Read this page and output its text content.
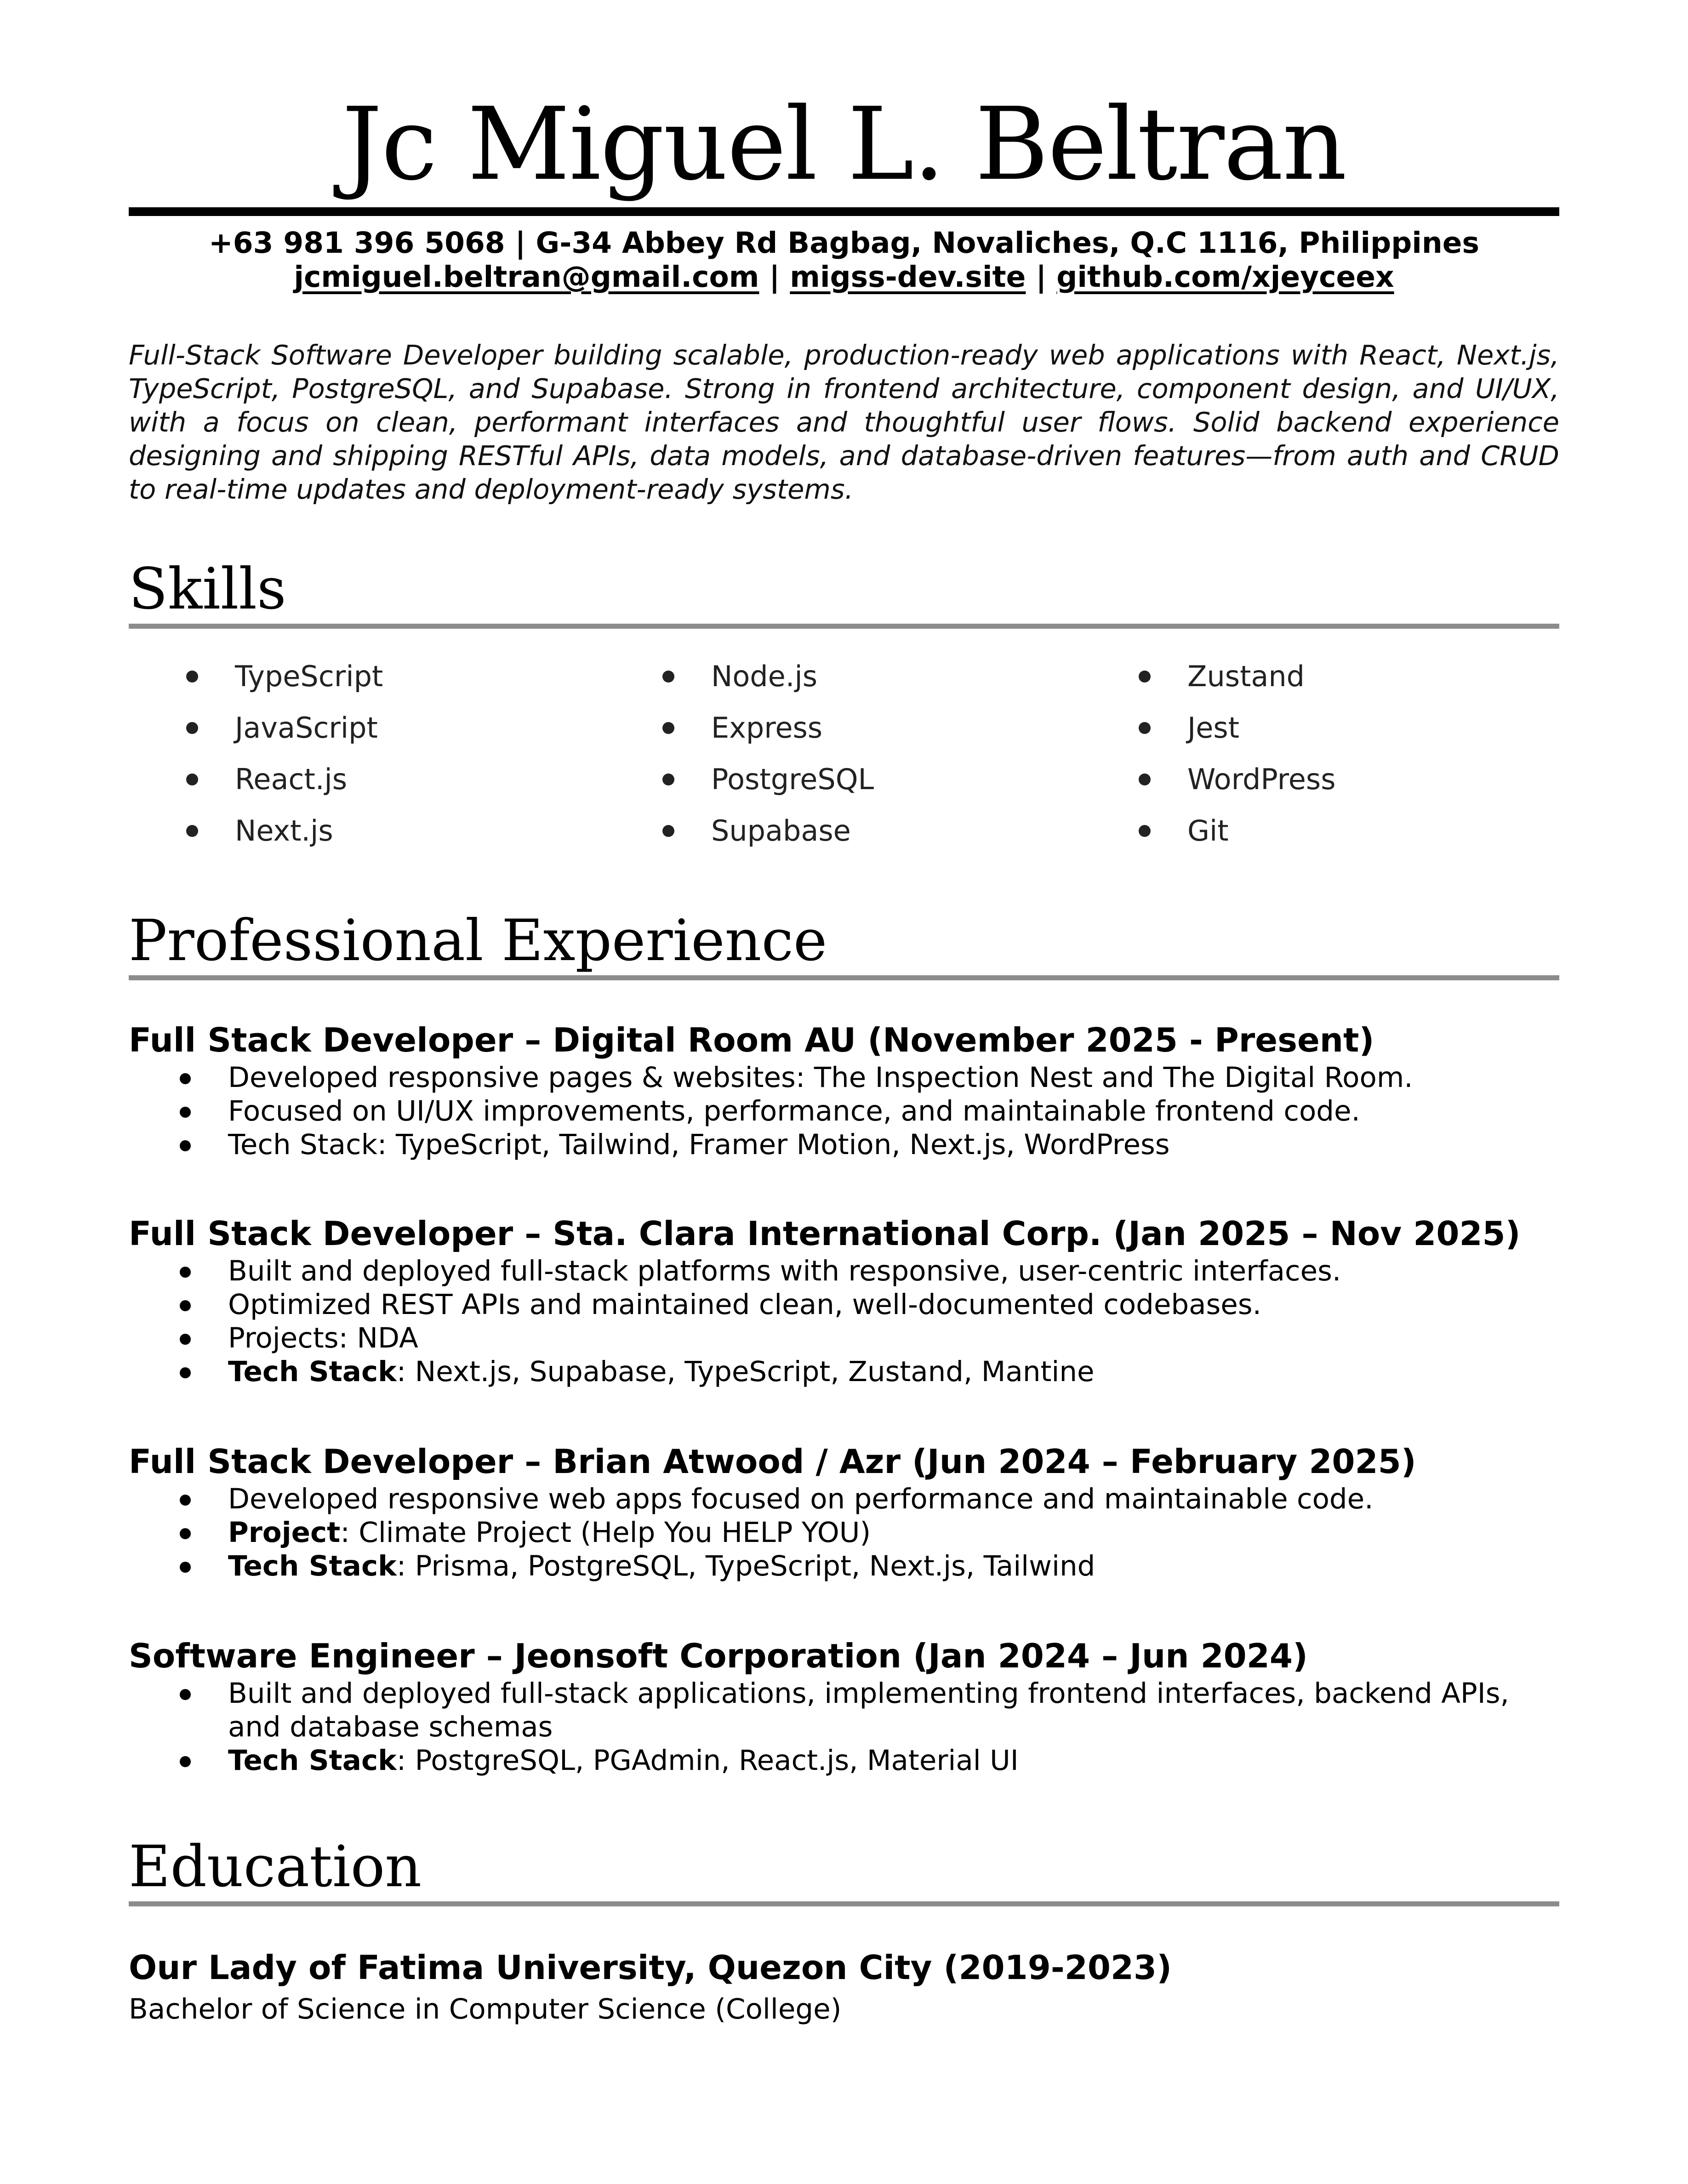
Jc Miguel L. Beltran
+63 981 396 5068 | G-34 Abbey Rd Bagbag, Novaliches, Q.C 1116, Philippines
jcmiguel.beltran@gmail.com | migss-dev.site | github.com/xjeyceex
Full-Stack Software Developer building scalable, production-ready web applications with React, Next.js, TypeScript, PostgreSQL, and Supabase. Strong in frontend architecture, component design, and UI/UX, with a focus on clean, performant interfaces and thoughtful user flows. Solid backend experience designing and shipping RESTful APIs, data models, and database-driven features—from auth and CRUD to real-time updates and deployment-ready systems.
Skills
TypeScript
JavaScript
React.js
Next.js
Node.js
Express
PostgreSQL
Supabase
Zustand
Jest
WordPress
Git
Professional Experience
Full Stack Developer – Digital Room AU (November 2025 - Present)
Developed responsive pages & websites: The Inspection Nest and The Digital Room.
Focused on UI/UX improvements, performance, and maintainable frontend code.
Tech Stack: TypeScript, Tailwind, Framer Motion, Next.js, WordPress
Full Stack Developer – Sta. Clara International Corp. (Jan 2025 – Nov 2025)
Built and deployed full-stack platforms with responsive, user-centric interfaces.
Optimized REST APIs and maintained clean, well-documented codebases.
Projects: NDA
Tech Stack: Next.js, Supabase, TypeScript, Zustand, Mantine
Full Stack Developer – Brian Atwood / Azr (Jun 2024 – February 2025)
Developed responsive web apps focused on performance and maintainable code.
Project: Climate Project (Help You HELP YOU)
Tech Stack: Prisma, PostgreSQL, TypeScript, Next.js, Tailwind
Software Engineer – Jeonsoft Corporation (Jan 2024 – Jun 2024)
Built and deployed full-stack applications, implementing frontend interfaces, backend APIs, and database schemas
Tech Stack: PostgreSQL, PGAdmin, React.js, Material UI
Education
Our Lady of Fatima University, Quezon City (2019-2023)
Bachelor of Science in Computer Science (College)
